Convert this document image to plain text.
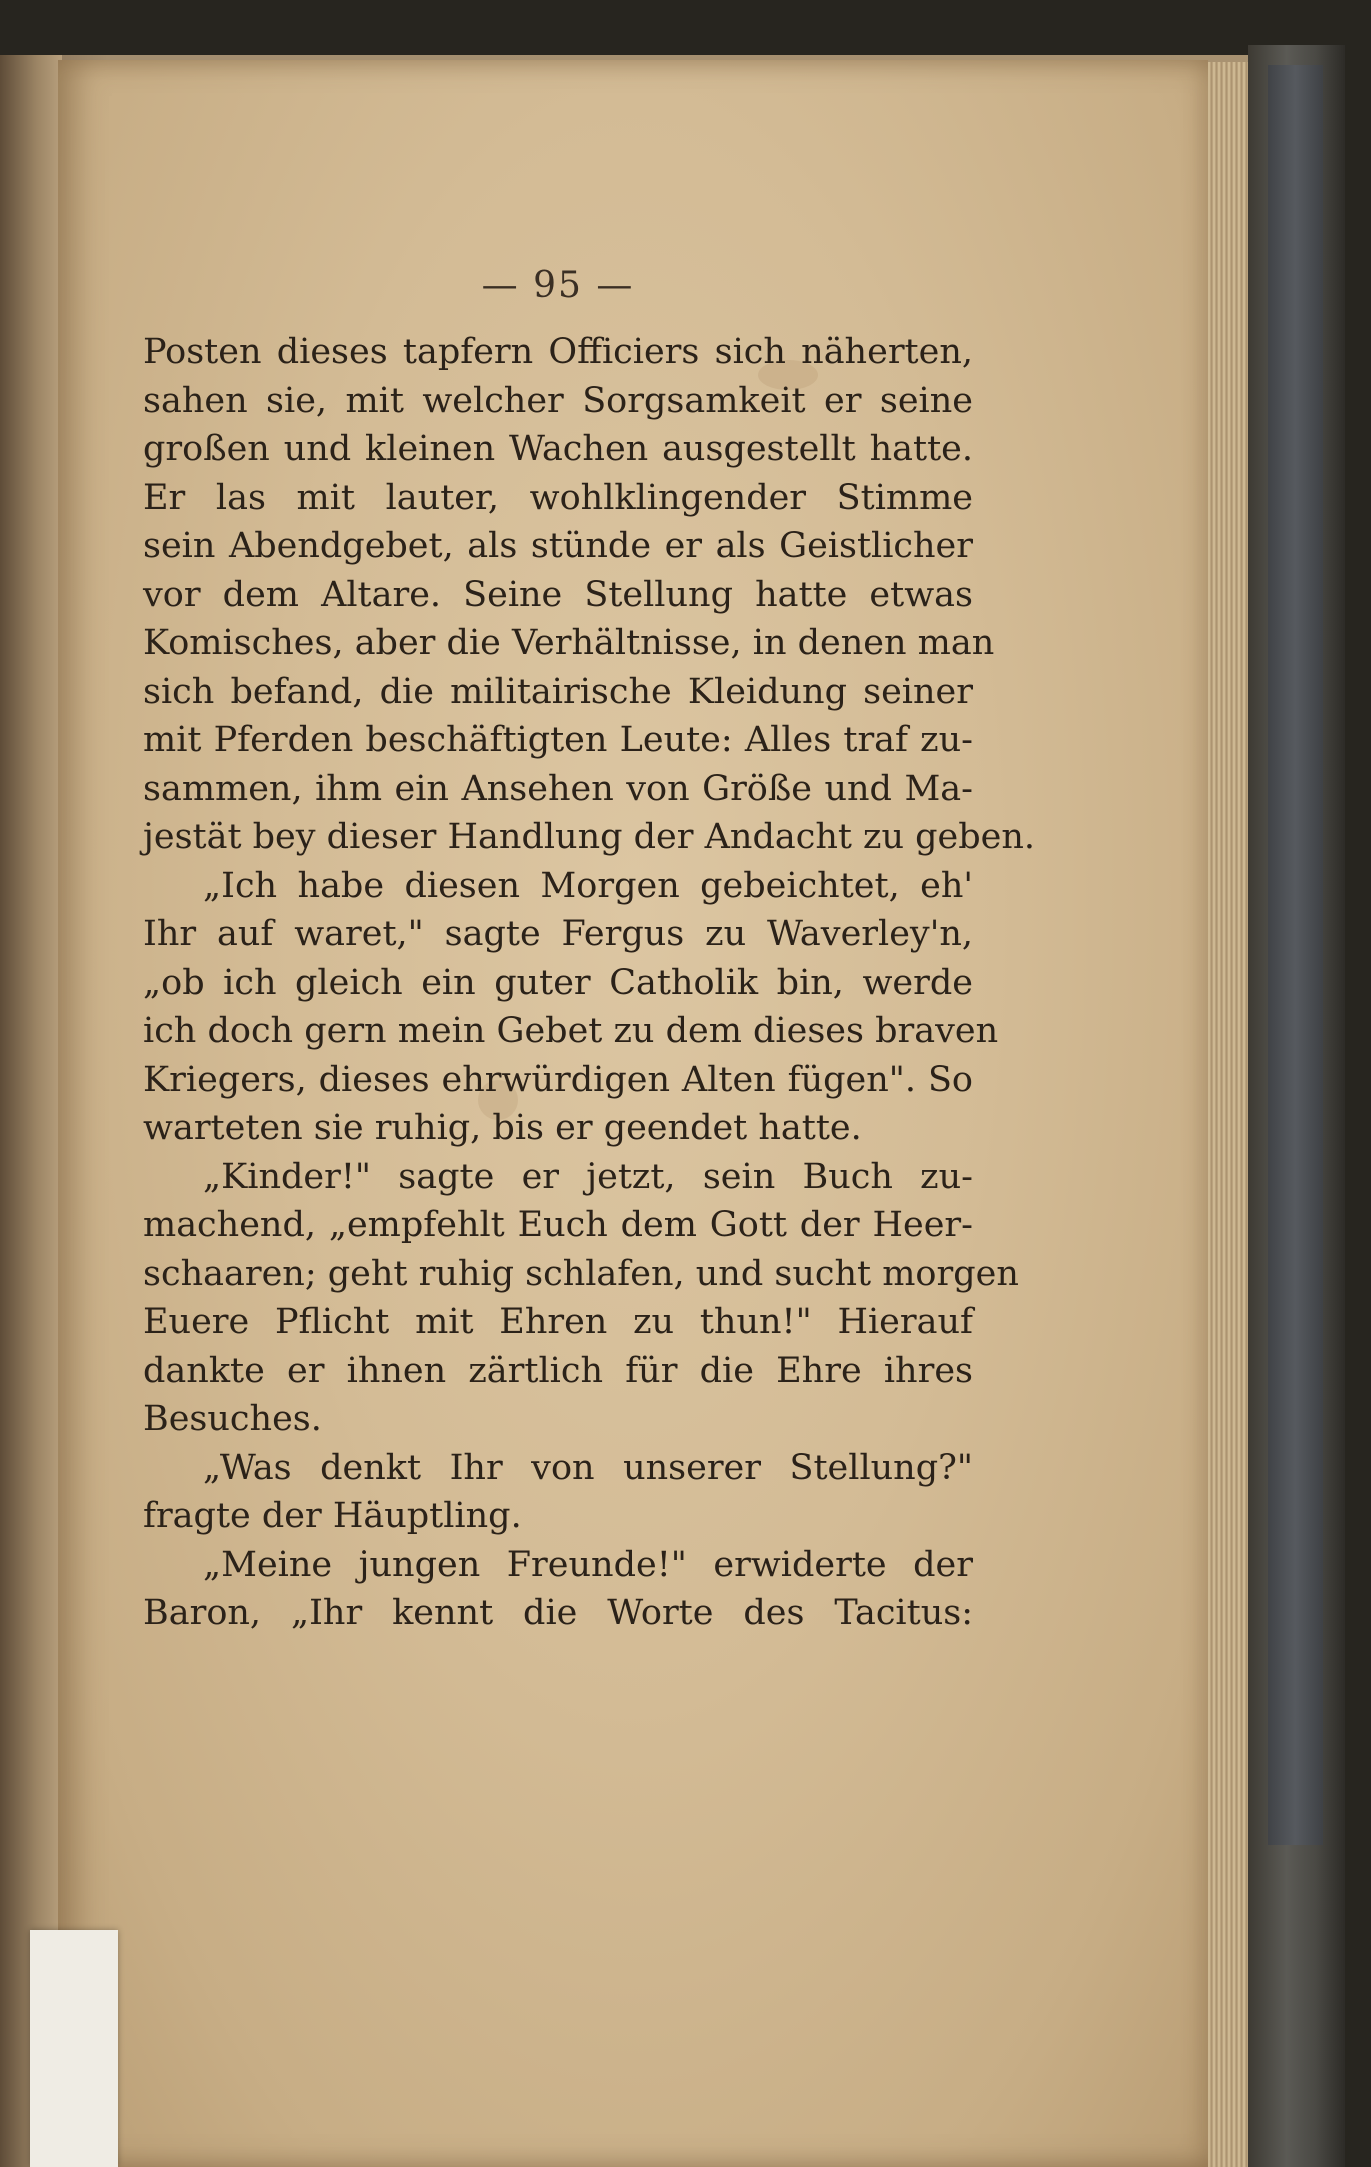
— 95 —
Posten dieses tapfern Officiers sich näherten,
sahen sie, mit welcher Sorgsamkeit er seine
großen und kleinen Wachen ausgestellt hatte.
Er las mit lauter, wohlklingender Stimme
sein Abendgebet, als stünde er als Geistlicher
vor dem Altare. Seine Stellung hatte etwas
Komisches, aber die Verhältnisse, in denen man
sich befand, die militairische Kleidung seiner
mit Pferden beschäftigten Leute: Alles traf zu-
sammen, ihm ein Ansehen von Größe und Ma-
jestät bey dieser Handlung der Andacht zu geben.
„Ich habe diesen Morgen gebeichtet, eh'
Ihr auf waret," sagte Fergus zu Waverley'n,
„ob ich gleich ein guter Catholik bin, werde
ich doch gern mein Gebet zu dem dieses braven
Kriegers, dieses ehrwürdigen Alten fügen". So
warteten sie ruhig, bis er geendet hatte.
„Kinder!" sagte er jetzt, sein Buch zu-
machend, „empfehlt Euch dem Gott der Heer-
schaaren; geht ruhig schlafen, und sucht morgen
Euere Pflicht mit Ehren zu thun!" Hierauf
dankte er ihnen zärtlich für die Ehre ihres
Besuches.
„Was denkt Ihr von unserer Stellung?"
fragte der Häuptling.
„Meine jungen Freunde!" erwiderte der
Baron, „Ihr kennt die Worte des Tacitus:
